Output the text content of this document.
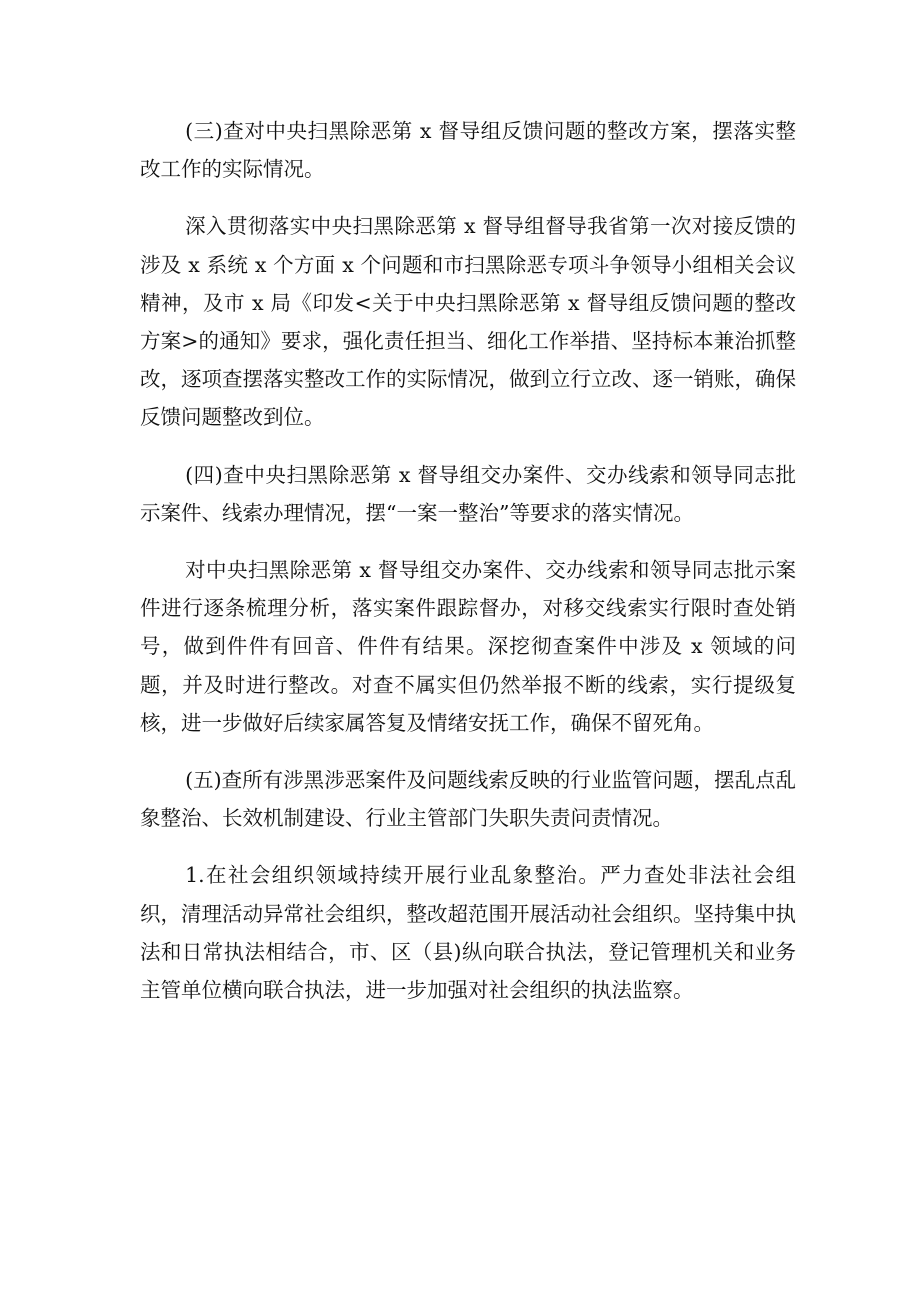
(三)查对中央扫黑除恶第 x 督导组反馈问题的整改方案，摆落实整改工作的实际情况。

深入贯彻落实中央扫黑除恶第 x 督导组督导我省第一次对接反馈的涉及 x 系统 x 个方面 x 个问题和市扫黑除恶专项斗争领导小组相关会议精神，及市 x 局《印发<关于中央扫黑除恶第 x 督导组反馈问题的整改方案>的通知》要求，强化责任担当、细化工作举措、坚持标本兼治抓整改，逐项查摆落实整改工作的实际情况，做到立行立改、逐一销账，确保反馈问题整改到位。

(四)查中央扫黑除恶第 x 督导组交办案件、交办线索和领导同志批示案件、线索办理情况，摆“一案一整治”等要求的落实情况。

对中央扫黑除恶第 x 督导组交办案件、交办线索和领导同志批示案件进行逐条梳理分析，落实案件跟踪督办，对移交线索实行限时查处销号，做到件件有回音、件件有结果。深挖彻查案件中涉及 x 领域的问题，并及时进行整改。对查不属实但仍然举报不断的线索，实行提级复核，进一步做好后续家属答复及情绪安抚工作，确保不留死角。

(五)查所有涉黑涉恶案件及问题线索反映的行业监管问题，摆乱点乱象整治、长效机制建设、行业主管部门失职失责问责情况。

1.在社会组织领域持续开展行业乱象整治。严力查处非法社会组织，清理活动异常社会组织，整改超范围开展活动社会组织。坚持集中执法和日常执法相结合，市、区（县)纵向联合执法，登记管理机关和业务主管单位横向联合执法，进一步加强对社会组织的执法监察。
